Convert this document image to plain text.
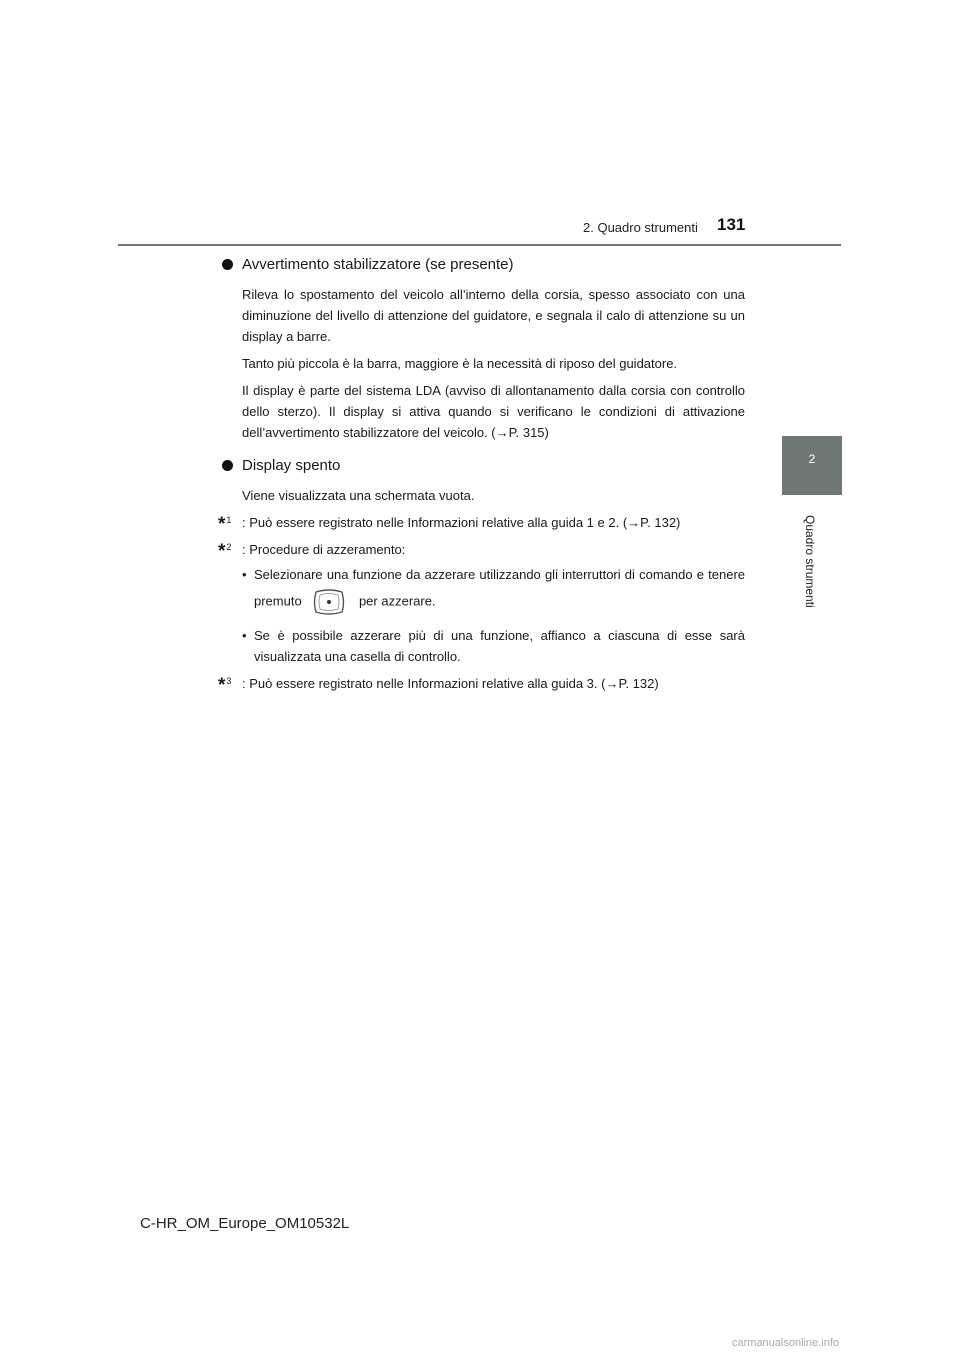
2. Quadro strumenti 131
2
Quadro strumenti
Avvertimento stabilizzatore (se presente)

Rileva lo spostamento del veicolo all’interno della corsia, spesso associato con una diminuzione del livello di attenzione del guidatore, e segnala il calo di attenzione su un display a barre.

Tanto più piccola è la barra, maggiore è la necessità di riposo del guidatore.

Il display è parte del sistema LDA (avviso di allontanamento dalla corsia con controllo dello sterzo). Il display si attiva quando si verificano le condizioni di attivazione dell’avvertimento stabilizzatore del veicolo. (→P. 315)

Display spento

Viene visualizzata una schermata vuota.

*$^1$ : Può essere registrato nelle Informazioni relative alla guida 1 e 2. (→P. 132)
*$^2$ : Procedure di azzeramento:
• Selezionare una funzione da azzerare utilizzando gli interruttori di comando e tenere premuto	per azzerare.
• Se è possibile azzerare più di una funzione, affianco a ciascuna di esse sarà visualizzata una casella di controllo.
*$^3$ : Può essere registrato nelle Informazioni relative alla guida 3. (→P. 132)
C-HR_OM_Europe_OM10532L
carmanualsonline.info
